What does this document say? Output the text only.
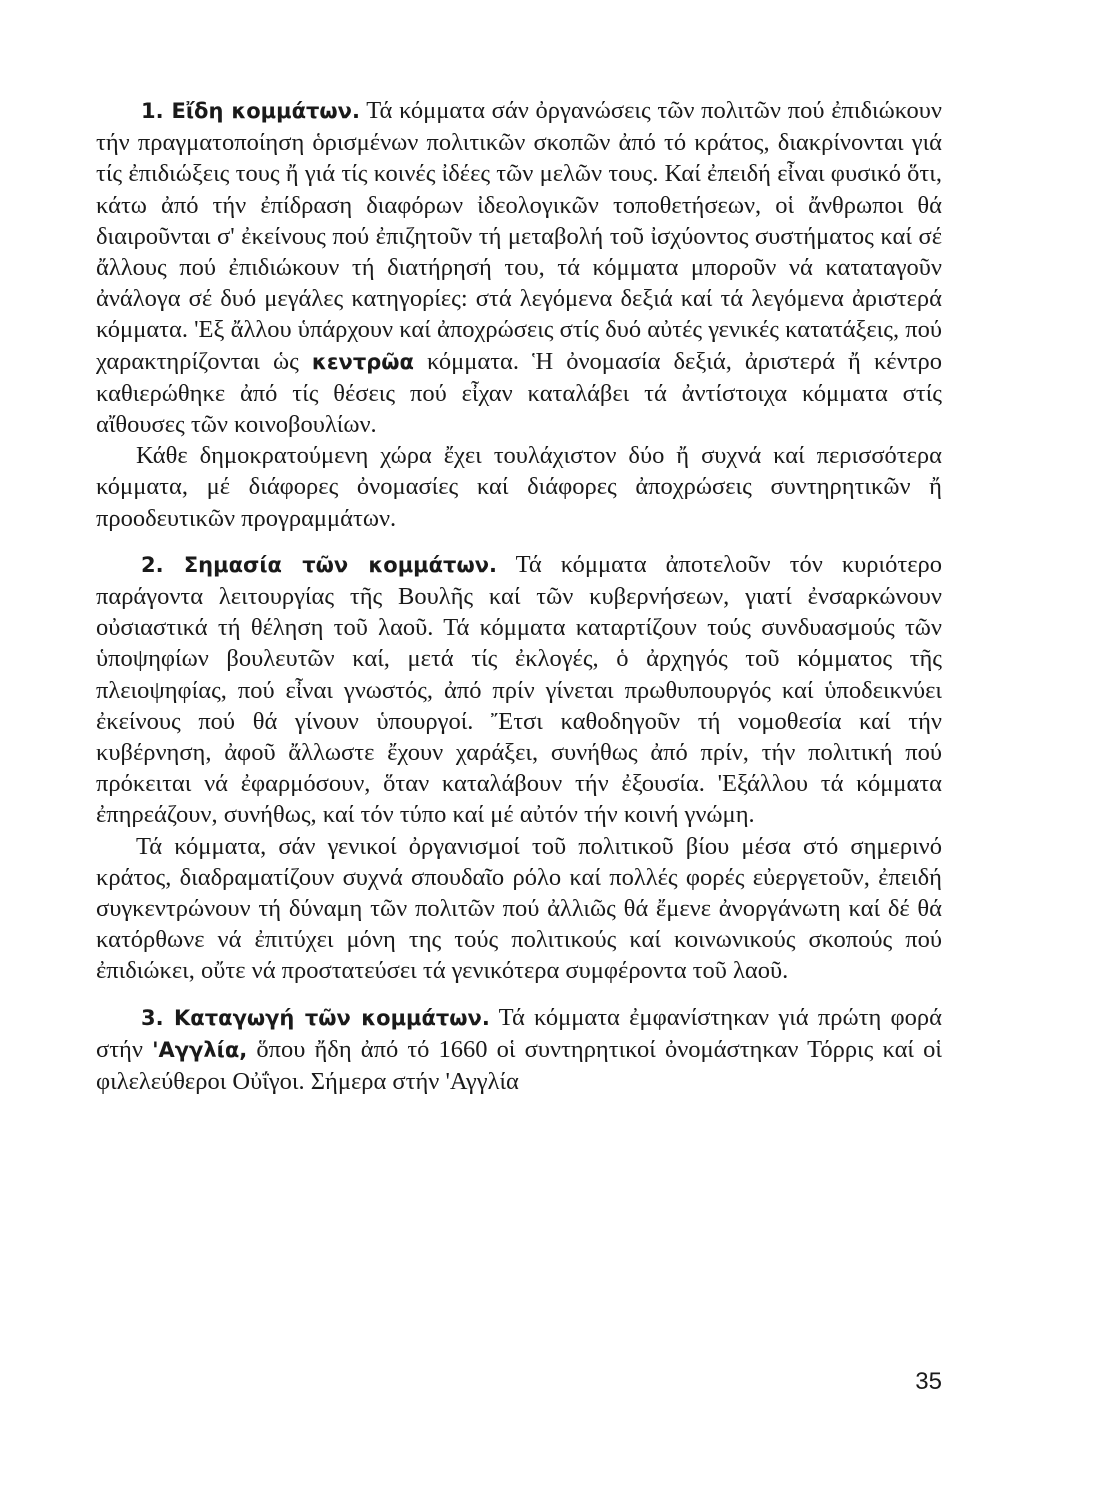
1. Εἴδη κομμάτων. Τά κόμματα σάν ὀργανώσεις τῶν πολιτῶν πού ἐπιδιώκουν τήν πραγματοποίηση ὁρισμένων πολιτικῶν σκοπῶν ἀπό τό κράτος, διακρίνονται γιά τίς ἐπιδιώξεις τους ἤ γιά τίς κοινές ἰδέες τῶν μελῶν τους. Καί ἐπειδή εἶναι φυσικό ὅτι, κάτω ἀπό τήν ἐπίδραση διαφόρων ἰδεολογικῶν τοποθετήσεων, οἱ ἄνθρωποι θά διαιροῦνται σ' ἐκείνους πού ἐπιζητοῦν τή μεταβολή τοῦ ἰσχύοντος συστήματος καί σέ ἄλλους πού ἐπιδιώκουν τή διατήρησή του, τά κόμματα μποροῦν νά καταταγοῦν ἀνάλογα σέ δυό μεγάλες κατηγορίες: στά λεγόμενα δεξιά καί τά λεγόμενα ἀριστερά κόμματα. 'Εξ ἄλλου ὑπάρχουν καί ἀποχρώσεις στίς δυό αὐτές γενικές κατατάξεις, πού χαρακτηρίζονται ὡς κεντρῶα κόμματα. Ἡ ὀνομασία δεξιά, ἀριστερά ἤ κέντρο καθιερώθηκε ἀπό τίς θέσεις πού εἶχαν καταλάβει τά ἀντίστοιχα κόμματα στίς αἴθουσες τῶν κοινοβουλίων.

Κάθε δημοκρατούμενη χώρα ἔχει τουλάχιστον δύο ἤ συχνά καί περισσότερα κόμματα, μέ διάφορες ὀνομασίες καί διάφορες ἀποχρώσεις συντηρητικῶν ἤ προοδευτικῶν προγραμμάτων.

2. Σημασία τῶν κομμάτων. Τά κόμματα ἀποτελοῦν τόν κυριότερο παράγοντα λειτουργίας τῆς Βουλῆς καί τῶν κυβερνήσεων, γιατί ἐνσαρκώνουν οὐσιαστικά τή θέληση τοῦ λαοῦ. Τά κόμματα καταρτίζουν τούς συνδυασμούς τῶν ὑποψηφίων βουλευτῶν καί, μετά τίς ἐκλογές, ὁ ἀρχηγός τοῦ κόμματος τῆς πλειοψηφίας, πού εἶναι γνωστός, ἀπό πρίν γίνεται πρωθυπουργός καί ὑποδεικνύει ἐκείνους πού θά γίνουν ὑπουργοί. Ἔτσι καθοδηγοῦν τή νομοθεσία καί τήν κυβέρνηση, ἀφοῦ ἄλλωστε ἔχουν χαράξει, συνήθως ἀπό πρίν, τήν πολιτική πού πρόκειται νά ἐφαρμόσουν, ὅταν καταλάβουν τήν ἐξουσία. 'Εξάλλου τά κόμματα ἐπηρεάζουν, συνήθως, καί τόν τύπο καί μέ αὐτόν τήν κοινή γνώμη.

Τά κόμματα, σάν γενικοί ὀργανισμοί τοῦ πολιτικοῦ βίου μέσα στό σημερινό κράτος, διαδραματίζουν συχνά σπουδαῖο ρόλο καί πολλές φορές εὐεργετοῦν, ἐπειδή συγκεντρώνουν τή δύναμη τῶν πολιτῶν πού ἀλλιῶς θά ἔμενε ἀνοργάνωτη καί δέ θά κατόρθωνε νά ἐπιτύχει μόνη της τούς πολιτικούς καί κοινωνικούς σκοπούς πού ἐπιδιώκει, οὔτε νά προστατεύσει τά γενικότερα συμφέροντα τοῦ λαοῦ.

3. Καταγωγή τῶν κομμάτων. Τά κόμματα ἐμφανίστηκαν γιά πρώτη φορά στήν 'Αγγλία, ὅπου ἤδη ἀπό τό 1660 οἱ συντηρητικοί ὀνομάστηκαν Τόρρις καί οἱ φιλελεύθεροι Οὐΐγοι. Σήμερα στήν 'Αγγλία

35
